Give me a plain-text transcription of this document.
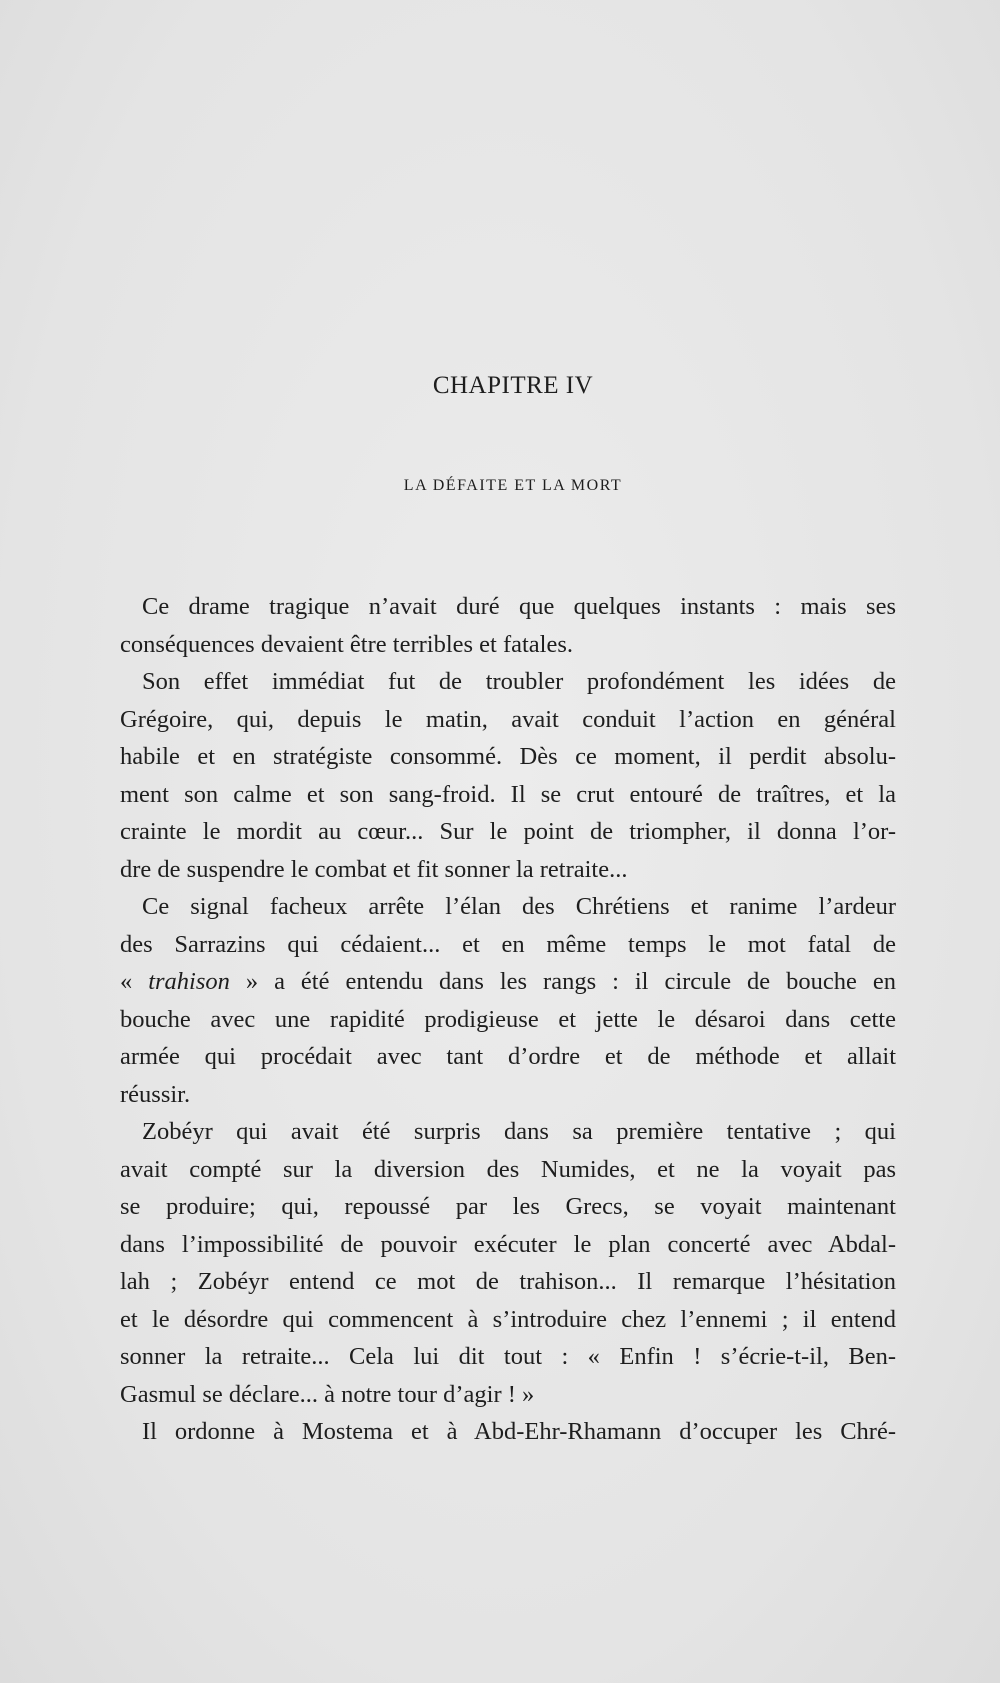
CHAPITRE IV
LA DÉFAITE ET LA MORT
Ce drame tragique n’avait duré que quelques instants : mais ses
conséquences devaient être terribles et fatales.
Son effet immédiat fut de troubler profondément les idées de
Grégoire, qui, depuis le matin, avait conduit l’action en général
habile et en stratégiste consommé. Dès ce moment, il perdit absolu-
ment son calme et son sang-froid. Il se crut entouré de traîtres, et la
crainte le mordit au cœur... Sur le point de triompher, il donna l’or-
dre de suspendre le combat et fit sonner la retraite...
Ce signal facheux arrête l’élan des Chrétiens et ranime l’ardeur
des Sarrazins qui cédaient... et en même temps le mot fatal de
« trahison » a été entendu dans les rangs : il circule de bouche en
bouche avec une rapidité prodigieuse et jette le désaroi dans cette
armée qui procédait avec tant d’ordre et de méthode et allait
réussir.
Zobéyr qui avait été surpris dans sa première tentative ; qui
avait compté sur la diversion des Numides, et ne la voyait pas
se produire; qui, repoussé par les Grecs, se voyait maintenant
dans l’impossibilité de pouvoir exécuter le plan concerté avec Abdal-
lah ; Zobéyr entend ce mot de trahison... Il remarque l’hésitation
et le désordre qui commencent à s’introduire chez l’ennemi ; il entend
sonner la retraite... Cela lui dit tout : « Enfin ! s’écrie-t-il, Ben-
Gasmul se déclare... à notre tour d’agir ! »
Il ordonne à Mostema et à Abd-Ehr-Rhamann d’occuper les Chré-
